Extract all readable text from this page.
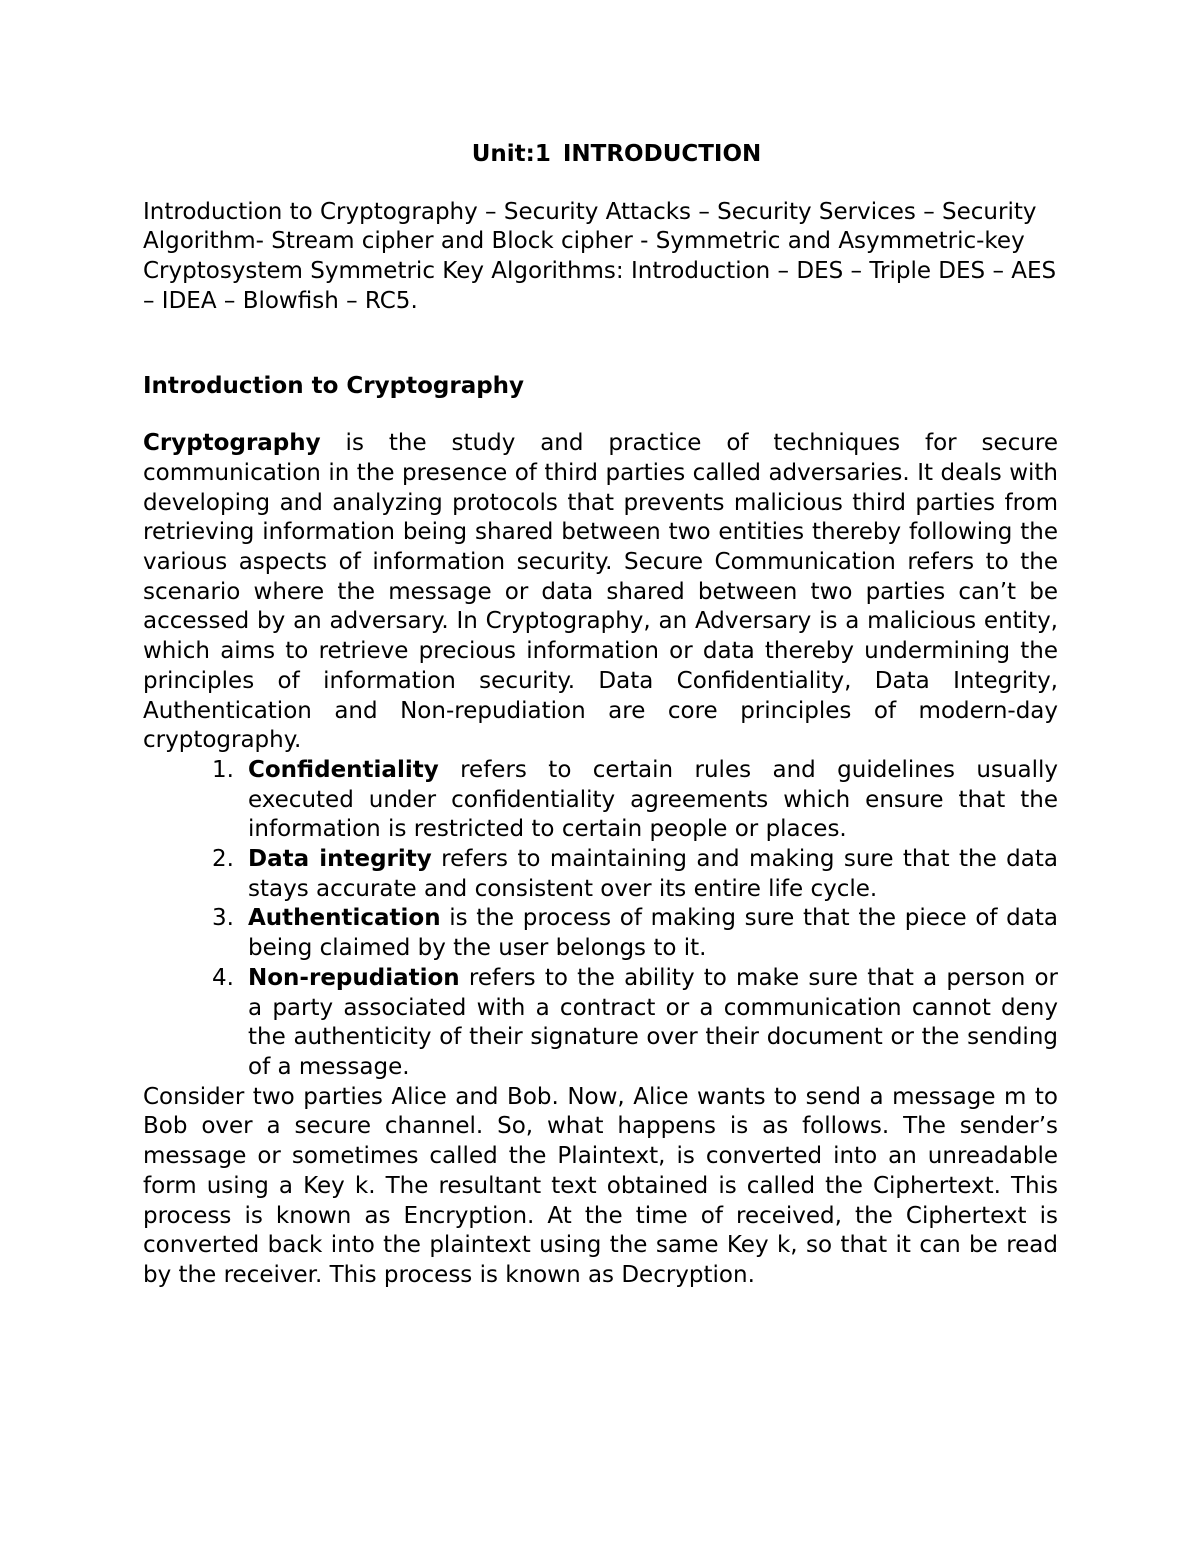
Unit:1 INTRODUCTION

Introduction to Cryptography – Security Attacks – Security Services – Security Algorithm- Stream cipher and Block cipher - Symmetric and Asymmetric-key Cryptosystem Symmetric Key Algorithms: Introduction – DES – Triple DES – AES – IDEA – Blowfish – RC5.

Introduction to Cryptography

Cryptography is the study and practice of techniques for secure communication in the presence of third parties called adversaries. It deals with developing and analyzing protocols that prevents malicious third parties from retrieving information being shared between two entities thereby following the various aspects of information security. Secure Communication refers to the scenario where the message or data shared between two parties can’t be accessed by an adversary. In Cryptography, an Adversary is a malicious entity, which aims to retrieve precious information or data thereby undermining the principles of information security. Data Confidentiality, Data Integrity, Authentication and Non-repudiation are core principles of modern-day cryptography.

1. Confidentiality refers to certain rules and guidelines usually executed under confidentiality agreements which ensure that the information is restricted to certain people or places.
2. Data integrity refers to maintaining and making sure that the data stays accurate and consistent over its entire life cycle.
3. Authentication is the process of making sure that the piece of data being claimed by the user belongs to it.
4. Non-repudiation refers to the ability to make sure that a person or a party associated with a contract or a communication cannot deny the authenticity of their signature over their document or the sending of a message.

Consider two parties Alice and Bob. Now, Alice wants to send a message m to Bob over a secure channel. So, what happens is as follows. The sender’s message or sometimes called the Plaintext, is converted into an unreadable form using a Key k. The resultant text obtained is called the Ciphertext. This process is known as Encryption. At the time of received, the Ciphertext is converted back into the plaintext using the same Key k, so that it can be read by the receiver. This process is known as Decryption.
